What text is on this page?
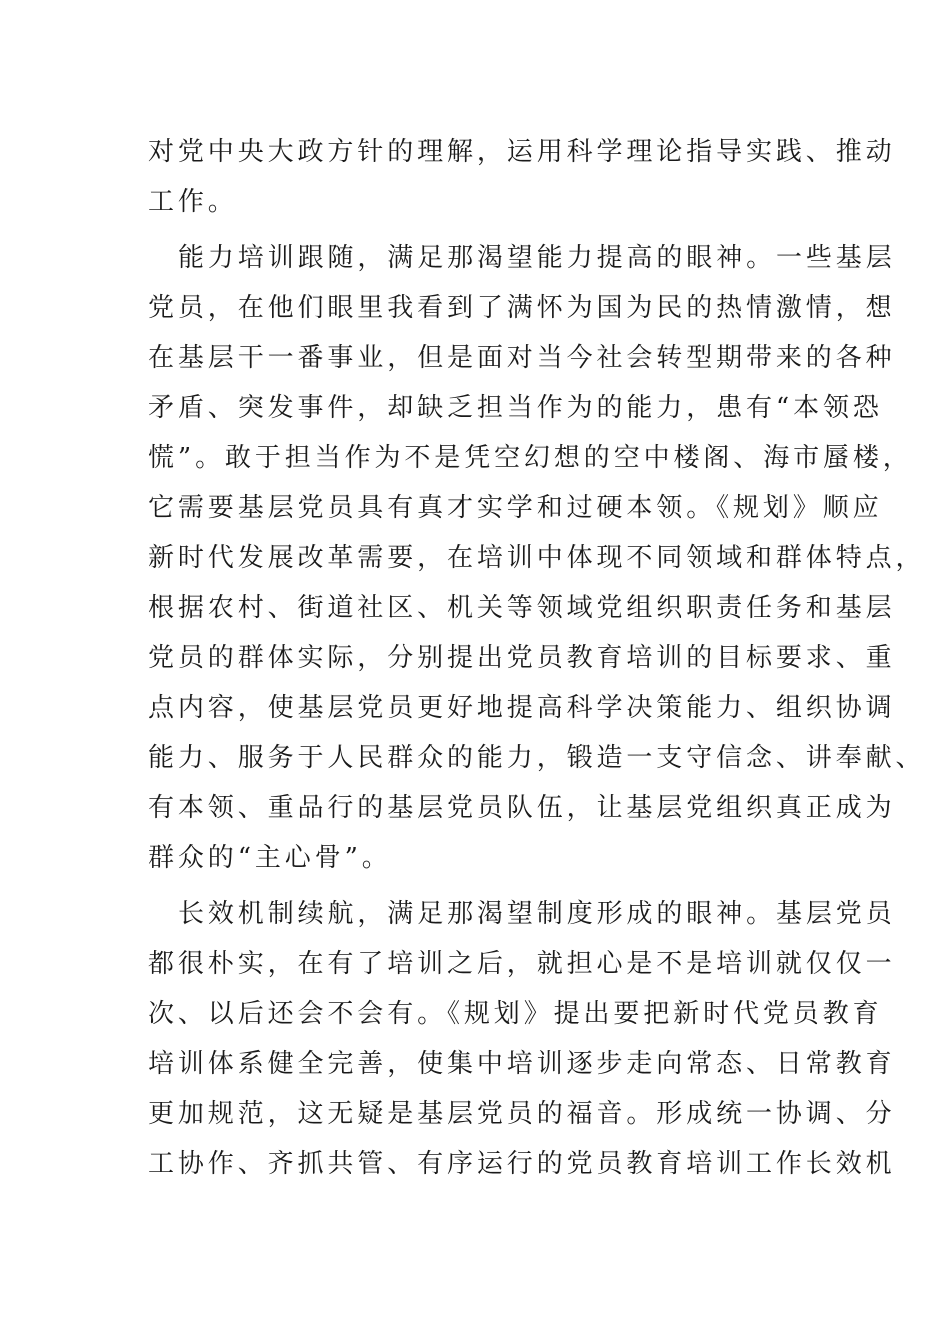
对党中央大政方针的理解，运用科学理论指导实践、推动
工作。
能力培训跟随，满足那渴望能力提高的眼神。一些基层
党员，在他们眼里我看到了满怀为国为民的热情激情，想
在基层干一番事业，但是面对当今社会转型期带来的各种
矛盾、突发事件，却缺乏担当作为的能力，患有“本领恐
慌”。敢于担当作为不是凭空幻想的空中楼阁、海市蜃楼，
它需要基层党员具有真才实学和过硬本领。《规划》顺应
新时代发展改革需要，在培训中体现不同领域和群体特点，
根据农村、街道社区、机关等领域党组织职责任务和基层
党员的群体实际，分别提出党员教育培训的目标要求、重
点内容，使基层党员更好地提高科学决策能力、组织协调
能力、服务于人民群众的能力，锻造一支守信念、讲奉献、
有本领、重品行的基层党员队伍，让基层党组织真正成为
群众的“主心骨”。
长效机制续航，满足那渴望制度形成的眼神。基层党员
都很朴实，在有了培训之后，就担心是不是培训就仅仅一
次、以后还会不会有。《规划》提出要把新时代党员教育
培训体系健全完善，使集中培训逐步走向常态、日常教育
更加规范，这无疑是基层党员的福音。形成统一协调、分
工协作、齐抓共管、有序运行的党员教育培训工作长效机
